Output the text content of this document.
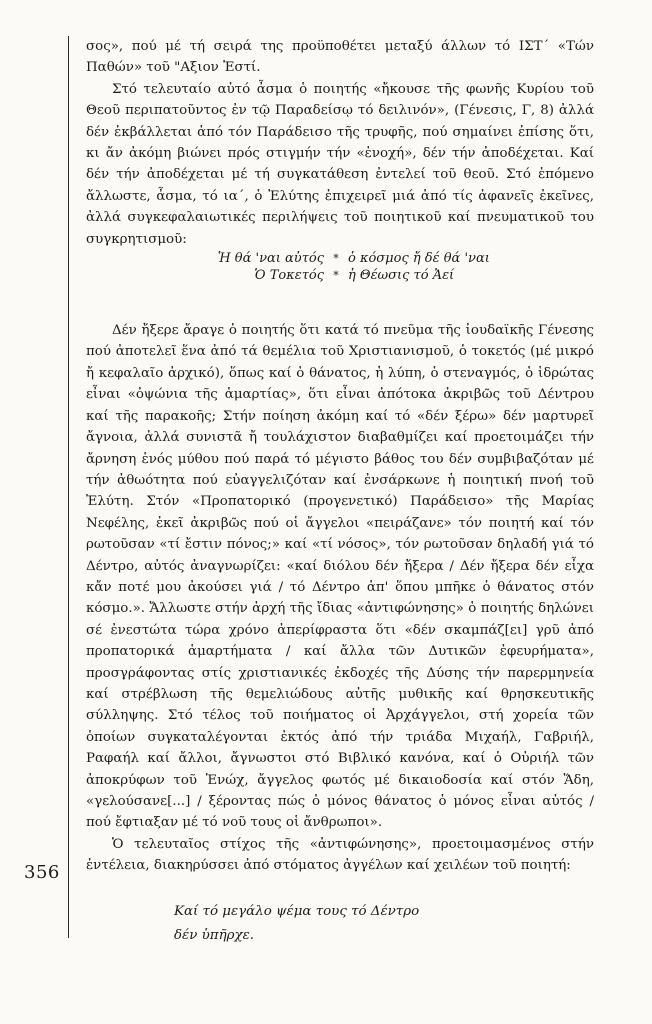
356

σος», πού μέ τή σειρά της προϋποθέτει μεταξύ άλλων τό ΙΣΤ΄ «Τών Παθών» τοῦ "Αξιον Ἐστί.

Στό τελευταίο αὐτό ἆσμα ὁ ποιητής «ἤκουσε τῆς φωνῆς Κυρίου τοῦ Θεοῦ περιπατοῦντος ἐν τῷ Παραδείσῳ τό δειλινόν», (Γένεσις, Γ, 8) ἀλλά δέν ἐκβάλλεται ἀπό τόν Παράδεισο τῆς τρυφῆς, πού σημαίνει ἐπίσης ὅτι, κι ἄν ἀκόμη βιώνει πρός στιγμήν τήν «ἐνοχή», δέν τήν ἀποδέχεται. Καί δέν τήν ἀποδέχεται μέ τή συγκατάθεση ἐντελεί τοῦ θεοῦ. Στό ἑπόμενο ἄλλωστε, ἆσμα, τό ια΄, ὁ Ἐλύτης ἐπιχειρεῖ μιά ἀπό τίς ἀφανεῖς ἐκεῖνες, ἀλλά συγκεφαλαιωτικές περιλήψεις τοῦ ποιητικοῦ καί πνευματικοῦ του συγκρητισμοῦ:

Ἡ θά 'ναι αὐτός * ὁ κόσμος ἤ δέ θά 'ναι
Ὁ Τοκετός * ἡ Θέωσις τό Ἀεί

Δέν ἤξερε ἄραγε ὁ ποιητής ὅτι κατά τό πνεῦμα τῆς ἰουδαϊκῆς Γένεσης πού ἀποτελεῖ ἕνα ἀπό τά θεμέλια τοῦ Χριστιανισμοῦ, ὁ τοκετός (μέ μικρό ἤ κεφαλαῖο ἀρχικό), ὅπως καί ὁ θάνατος, ἡ λύπη, ὁ στεναγμός, ὁ ἱδρώτας εἶναι «ὀψώνια τῆς ἁμαρτίας», ὅτι εἶναι ἀπότοκα ἀκριβῶς τοῦ Δέντρου καί τῆς παρακοῆς; Στήν ποίηση ἀκόμη καί τό «δέν ξέρω» δέν μαρτυρεῖ ἄγνοια, ἀλλά συνιστᾶ ἤ τουλάχιστον διαβαθμίζει καί προετοιμάζει τήν ἄρνηση ἑνός μύθου πού παρά τό μέγιστο βάθος του δέν συμβιβαζόταν μέ τήν ἀθωότητα πού εὐαγγελιζόταν καί ἐνσάρκωνε ἡ ποιητική πνοή τοῦ Ἐλύτη. Στόν «Προπατορικό (προγενετικό) Παράδεισο» τῆς Μαρίας Νεφέλης, ἐκεῖ ἀκριβῶς πού οἱ ἄγγελοι «πειράζανε» τόν ποιητή καί τόν ρωτοῦσαν «τί ἔστιν πόνος;» καί «τί νόσος», τόν ρωτοῦσαν δηλαδή γιά τό Δέντρο, αὐτός ἀναγνωρίζει: «καί διόλου δέν ἤξερα / Δέν ἤξερα δέν εἶχα κἄν ποτέ μου ἀκούσει γιά / τό Δέντρο ἀπ' ὅπου μπῆκε ὁ θάνατος στόν κόσμο.». Ἄλλωστε στήν ἀρχή τῆς ἴδιας «ἀντιφώνησης» ὁ ποιητής δηλώνει σέ ἐνεστώτα τώρα χρόνο ἀπερίφραστα ὅτι «δέν σκαμπάζ[ει] γρῦ ἀπό προπατορικά ἁμαρτήματα / καί ἄλλα τῶν Δυτικῶν ἐφευρήματα», προσγράφοντας στίς χριστιανικές ἐκδοχές τῆς Δύσης τήν παρερμηνεία καί στρέβλωση τῆς θεμελιώδους αὐτῆς μυθικῆς καί θρησκευτικῆς σύλληψης. Στό τέλος τοῦ ποιήματος οἱ Ἀρχάγγελοι, στή χορεία τῶν ὁποίων συγκαταλέγονται ἐκτός ἀπό τήν τριάδα Μιχαήλ, Γαβριήλ, Ραφαήλ καί ἄλλοι, ἄγνωστοι στό Βιβλικό κανόνα, καί ὁ Οὐριήλ τῶν ἀποκρύφων τοῦ Ἐνώχ, ἄγγελος φωτός μέ δικαιοδοσία καί στόν Ἅδη, «γελούσανε[...] / ξέροντας πώς ὁ μόνος θάνατος ὁ μόνος εἶναι αὐτός / πού ἔφτιαξαν μέ τό νοῦ τους οἱ ἄνθρωποι».

Ὁ τελευταῖος στίχος τῆς «ἀντιφώνησης», προετοιμασμένος στήν ἐντέλεια, διακηρύσσει ἀπό στόματος ἀγγέλων καί χειλέων τοῦ ποιητή:

Καί τό μεγάλο ψέμα τους τό Δέντρο
δέν ὑπῆρχε.
